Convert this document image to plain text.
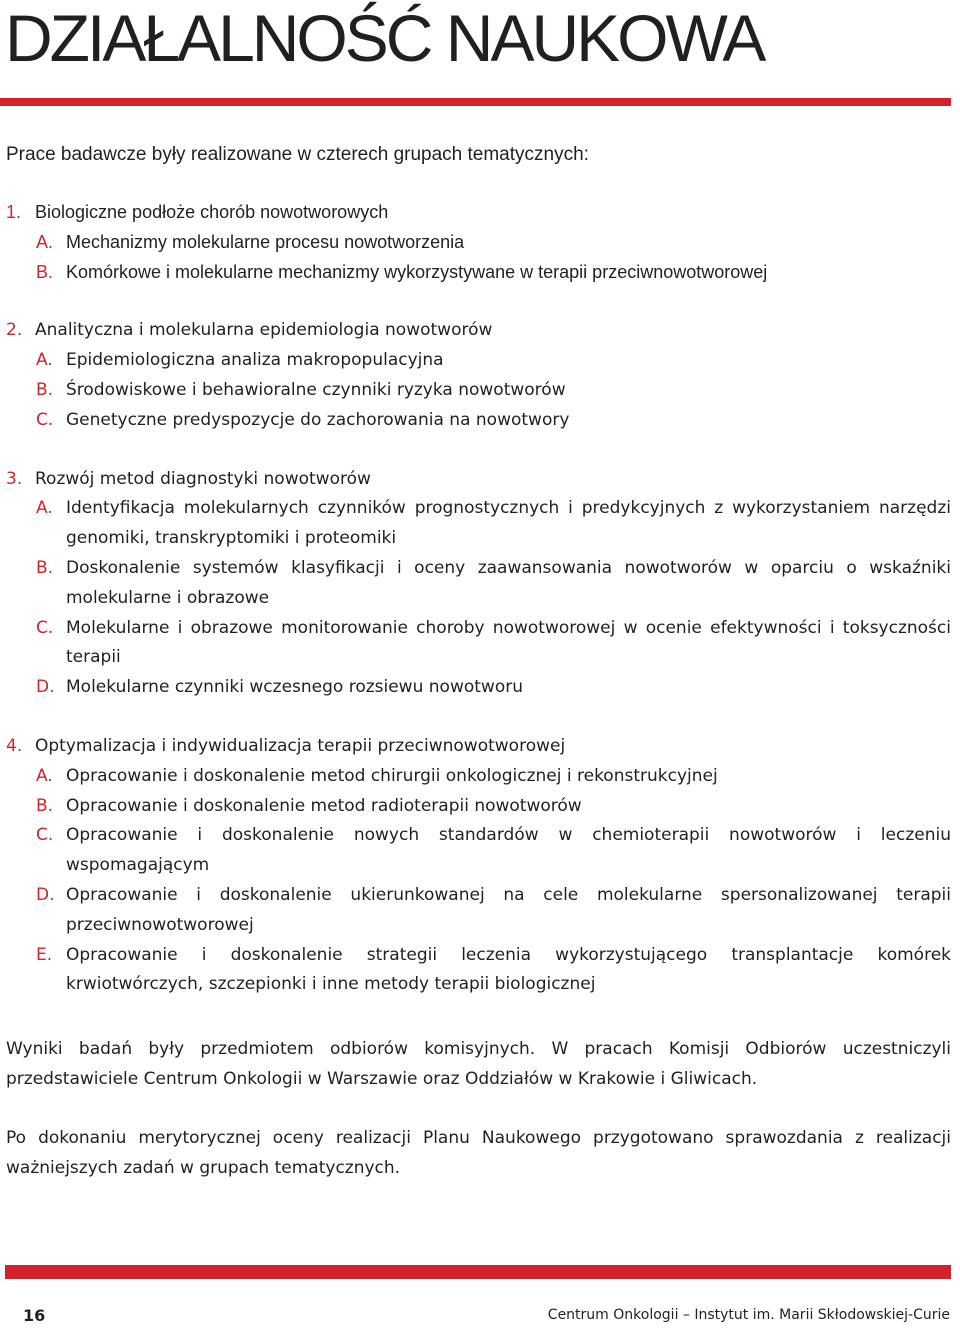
DZIAŁALNOŚĆ NAUKOWA
Prace badawcze były realizowane w czterech grupach tematycznych:
1. Biologiczne podłoże chorób nowotworowych
A. Mechanizmy molekularne procesu nowotworzenia
B. Komórkowe i molekularne mechanizmy wykorzystywane w terapii przeciwnowotworowej
2. Analityczna i molekularna epidemiologia nowotworów
A. Epidemiologiczna analiza makropopulacyjna
B. Środowiskowe i behawioralne czynniki ryzyka nowotworów
C. Genetyczne predyspozycje do zachorowania na nowotwory
3. Rozwój metod diagnostyki nowotworów
A. Identyfikacja molekularnych czynników prognostycznych i predykcyjnych z wykorzystaniem narzędzi genomiki, transkryptomiki i proteomiki
B. Doskonalenie systemów klasyfikacji i oceny zaawansowania nowotworów w oparciu o wskaźniki molekularne i obrazowe
C. Molekularne i obrazowe monitorowanie choroby nowotworowej w ocenie efektywności i toksyczności terapii
D. Molekularne czynniki wczesnego rozsiewu nowotworu
4. Optymalizacja i indywidualizacja terapii przeciwnowotworowej
A. Opracowanie i doskonalenie metod chirurgii onkologicznej i rekonstrukcyjnej
B. Opracowanie i doskonalenie metod radioterapii nowotworów
C. Opracowanie i doskonalenie nowych standardów w chemioterapii nowotworów i leczeniu wspomagającym
D. Opracowanie i doskonalenie ukierunkowanej na cele molekularne spersonalizowanej terapii przeciwnowotworowej
E. Opracowanie i doskonalenie strategii leczenia wykorzystującego transplantacje komórek krwiotwórczych, szczepionki i inne metody terapii biologicznej
Wyniki badań były przedmiotem odbiorów komisyjnych. W pracach Komisji Odbiorów uczestniczyli przedstawiciele Centrum Onkologii w Warszawie oraz Oddziałów w Krakowie i Gliwicach.
Po dokonaniu merytorycznej oceny realizacji Planu Naukowego przygotowano sprawozdania z realizacji ważniejszych zadań w grupach tematycznych.
16	Centrum Onkologii – Instytut im. Marii Skłodowskiej-Curie
